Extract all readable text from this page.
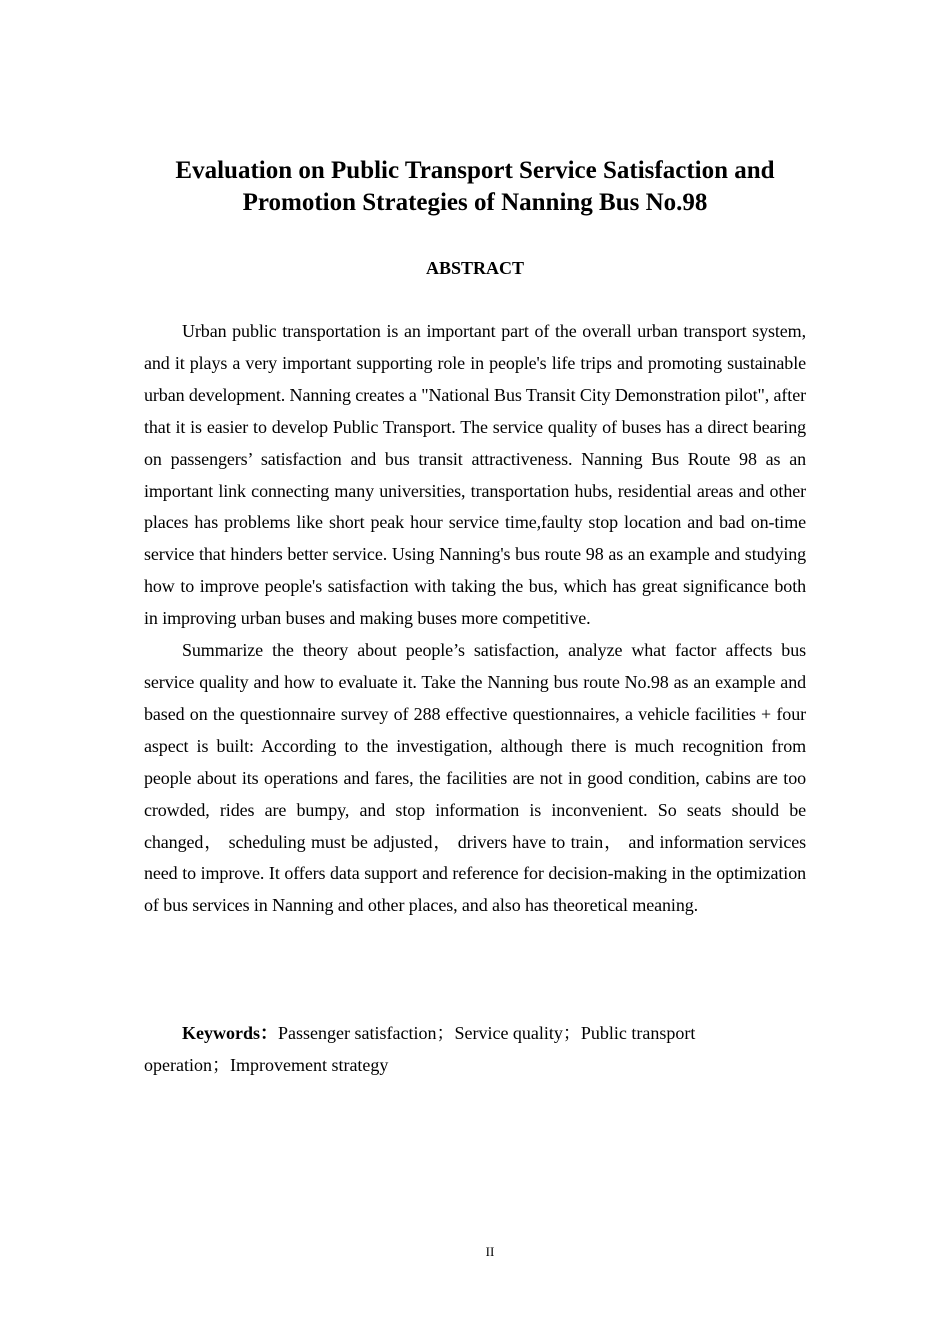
Evaluation on Public Transport Service Satisfaction and
Promotion Strategies of Nanning Bus No.98
ABSTRACT

Urban public transportation is an important part of the overall urban transport system, and it plays a very important supporting role in people's life trips and promoting sustainable urban development. Nanning creates a "National Bus Transit City Demonstration pilot", after that it is easier to develop Public Transport. The service quality of buses has a direct bearing on passengers’ satisfaction and bus transit attractiveness. Nanning Bus Route 98 as an important link connecting many universities, transportation hubs, residential areas and other places has problems like short peak hour service time,faulty stop location and bad on-time service that hinders better service. Using Nanning's bus route 98 as an example and studying how to improve people's satisfaction with taking the bus, which has great significance both in improving urban buses and making buses more competitive.

Summarize the theory about people’s satisfaction, analyze what factor affects bus service quality and how to evaluate it. Take the Nanning bus route No.98 as an example and based on the questionnaire survey of 288 effective questionnaires, a vehicle facilities + four aspect is built: According to the investigation, although there is much recognition from people about its operations and fares, the facilities are not in good condition, cabins are too crowded, rides are bumpy, and stop information is inconvenient. So seats should be changed， scheduling must be adjusted， drivers have to train， and information services need to improve. It offers data support and reference for decision-making in the optimization of bus services in Nanning and other places, and also has theoretical meaning.

Keywords：Passenger satisfaction；Service quality；Public transport operation；Improvement strategy

II
